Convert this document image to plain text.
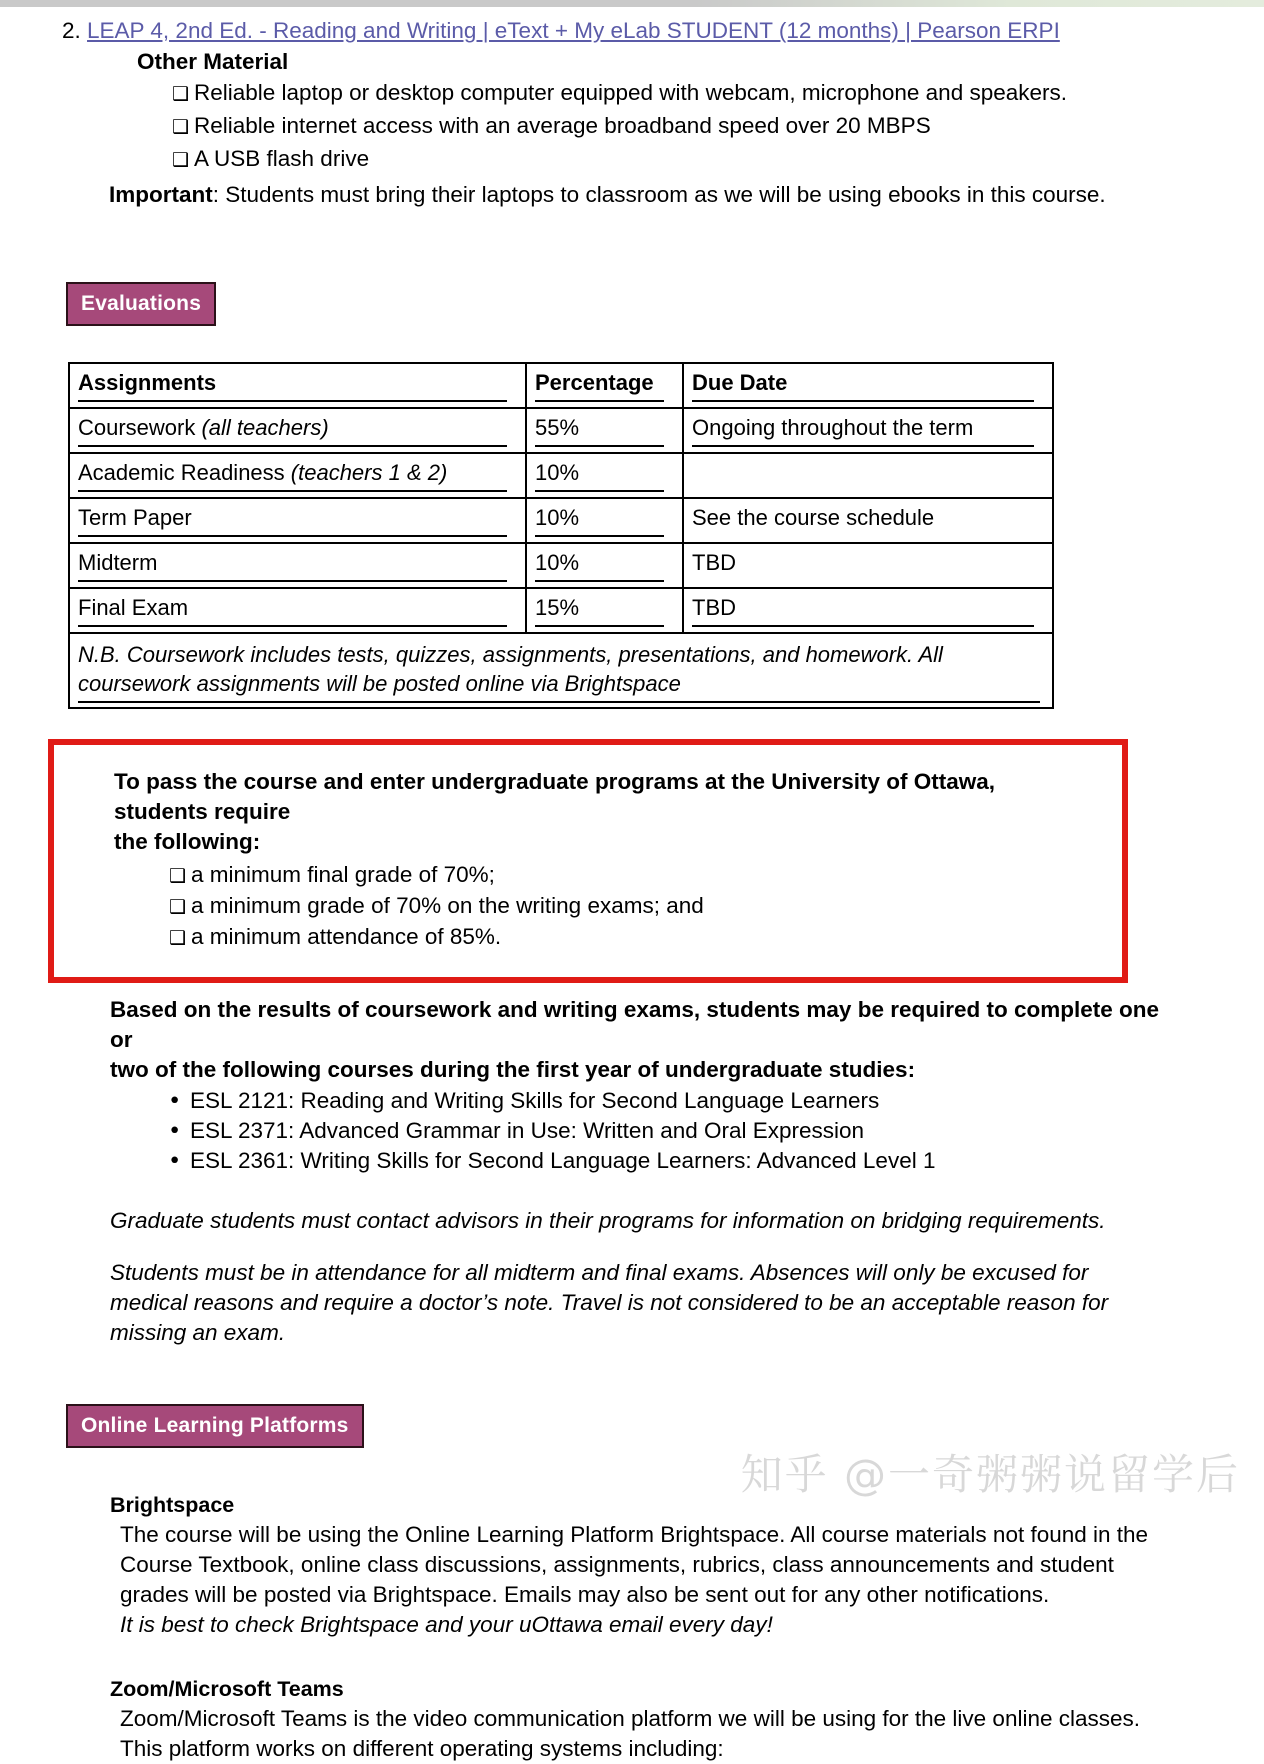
2. LEAP 4, 2nd Ed. - Reading and Writing | eText + My eLab STUDENT (12 months) | Pearson ERPI
Other Material
❑ Reliable laptop or desktop computer equipped with webcam, microphone and speakers.
❑ Reliable internet access with an average broadband speed over 20 MBPS
❑ A USB flash drive
Important: Students must bring their laptops to classroom as we will be using ebooks in this course.
Evaluations
Assignments	Percentage	Due Date

Coursework (all teachers)	55%	Ongoing throughout the term

Academic Readiness (teachers 1 & 2)	10%	

Term Paper	10%	See the course schedule

Midterm	10%	TBD

Final Exam	15%	TBD

N.B. Coursework includes tests, quizzes, assignments, presentations, and homework. All coursework assignments will be posted online via Brightspace		
To pass the course and enter undergraduate programs at the University of Ottawa, students require
the following:
❑ a minimum final grade of 70%;
❑ a minimum grade of 70% on the writing exams; and
❑ a minimum attendance of 85%.
Based on the results of coursework and writing exams, students may be required to complete one or
two of the following courses during the first year of undergraduate studies:
• ESL 2121: Reading and Writing Skills for Second Language Learners
• ESL 2371: Advanced Grammar in Use: Written and Oral Expression
• ESL 2361: Writing Skills for Second Language Learners: Advanced Level 1
Graduate students must contact advisors in their programs for information on bridging requirements.
Students must be in attendance for all midterm and final exams. Absences will only be excused for medical reasons and require a doctor’s note. Travel is not considered to be an acceptable reason for missing an exam.
Online Learning Platforms
Brightspace
The course will be using the Online Learning Platform Brightspace. All course materials not found in the Course Textbook, online class discussions, assignments, rubrics, class announcements and student grades will be posted via Brightspace. Emails may also be sent out for any other notifications.
It is best to check Brightspace and your uOttawa email every day!
Zoom/Microsoft Teams
Zoom/Microsoft Teams is the video communication platform we will be using for the live online classes. This platform works on different operating systems including:
知乎 @一奇粥粥说留学后
